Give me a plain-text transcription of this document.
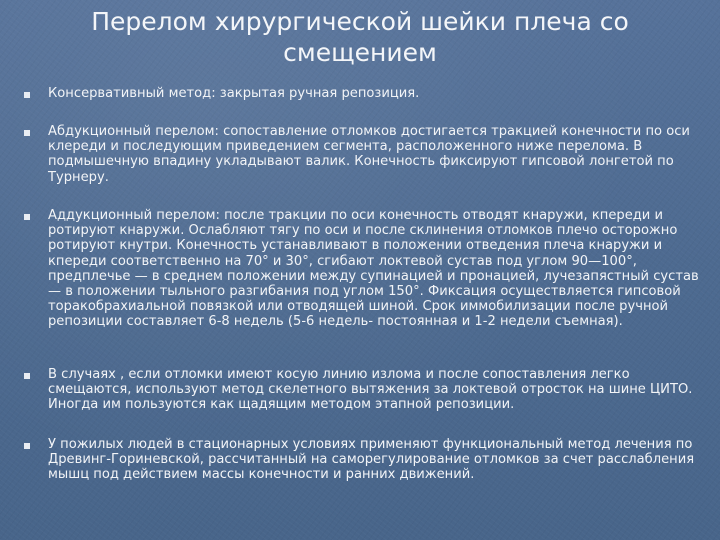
Перелом хирургической шейки плеча со смещением
Консервативный метод: закрытая ручная репозиция.
Абдукционный перелом: сопоставление отломков достигается тракцией конечности по оси клереди и последующим приведением сегмента, расположенного ниже перелома. В подмышечную впадину укладывают валик. Конечность фиксируют гипсовой лонгетой по Турнеру.
Аддукционный перелом: после тракции по оси конечность отводят кнаружи, кпереди и ротируют кнаружи. Ослабляют тягу по оси и после склинения отломков плечо осторожно ротируют кнутри. Конечность устанавливают в положении отведения плеча кнаружи и кпереди соответственно на 70° и 30°, сгибают локтевой сустав под углом 90—100°, предплечье — в среднем положении между супинацией и пронацией, лучезапястный сустав — в положении тыльного разгибания под углом 150°. Фиксация осуществляется гипсовой торакобрахиальной повязкой или отводящей шиной. Срок иммобилизации после ручной репозиции составляет 6-8 недель (5-6 недель- постоянная и 1-2 недели съемная).
В случаях , если отломки имеют косую линию излома и после сопоставления легко смещаются, используют метод скелетного вытяжения за локтевой отросток на шине ЦИТО. Иногда им пользуются как щадящим методом этапной репозиции.
У пожилых людей в стационарных условиях применяют функциональный метод лечения по Древинг-Гориневской, рассчитанный на саморегулирование отломков за счет расслабления мышц под действием массы конечности и ранних движений.
